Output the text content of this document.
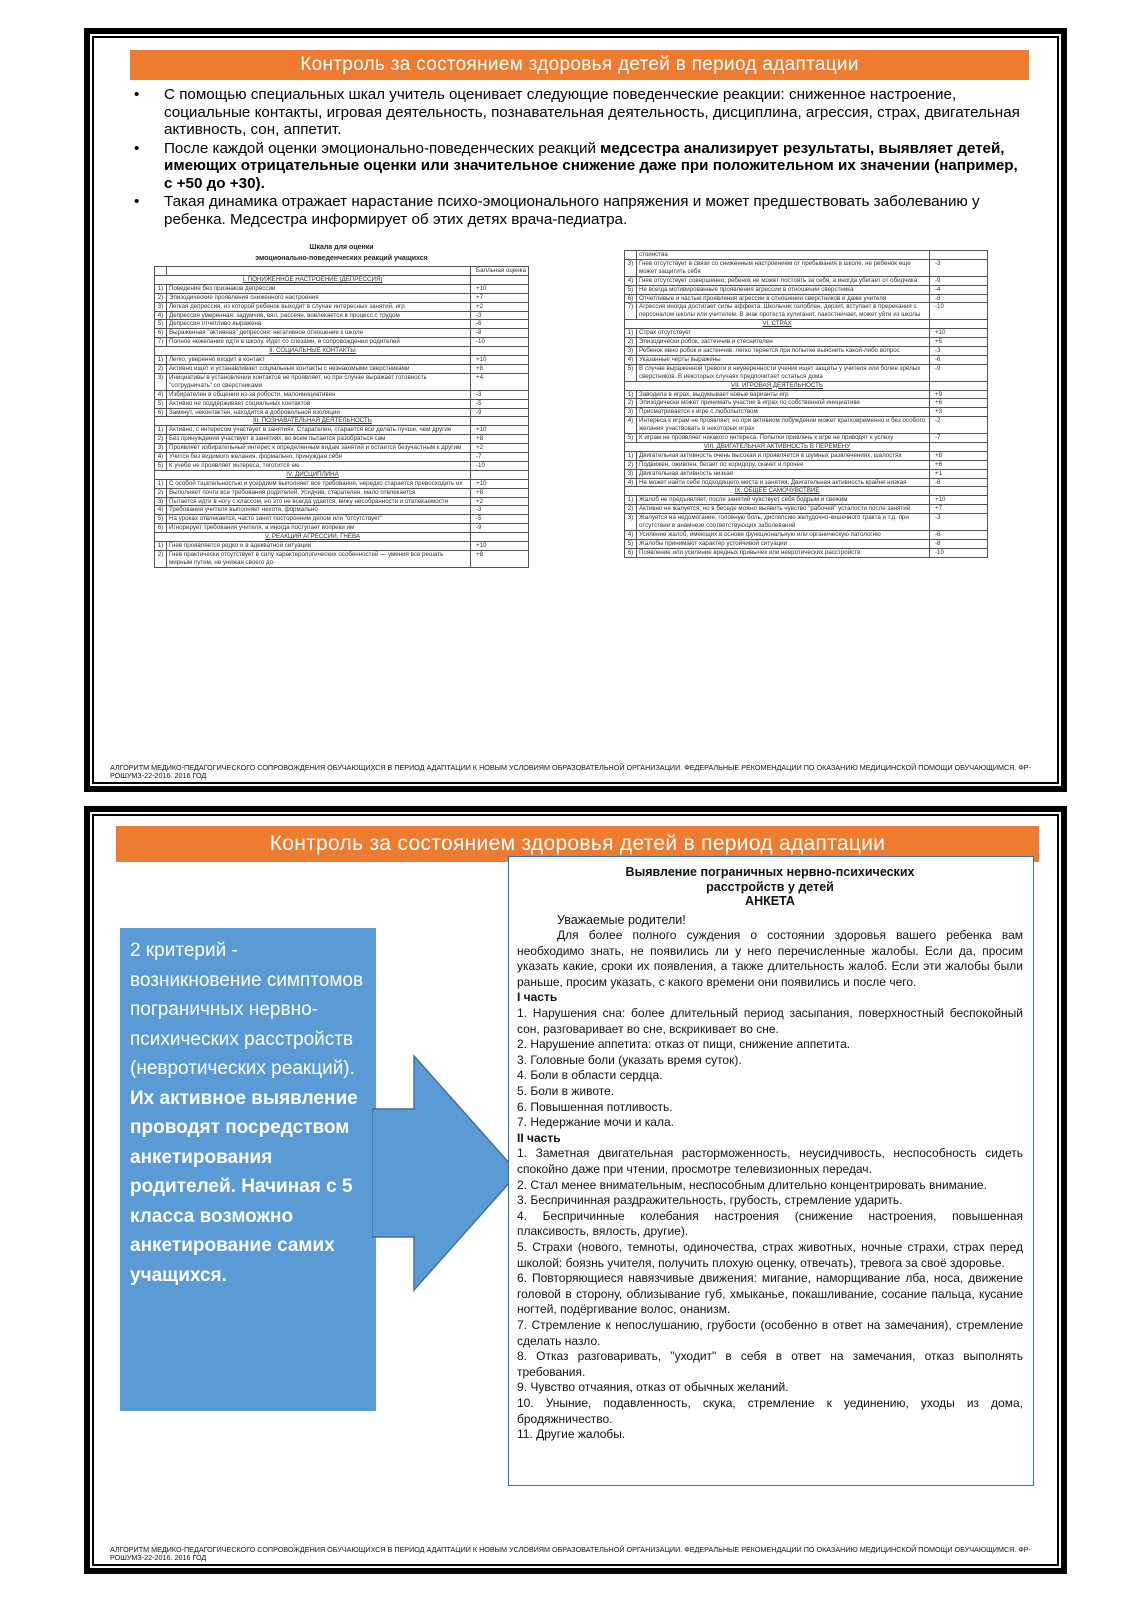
Контроль за состоянием здоровья детей в период адаптации
• С помощью специальных шкал учитель оценивает следующие поведенческие реакции: сниженное настроение, социальные контакты, игровая деятельность, познавательная деятельность, дисциплина, агрессия, страх, двигательная активность, сон, аппетит.
• После каждой оценки эмоционально-поведенческих реакций медсестра анализирует результаты, выявляет детей, имеющих отрицательные оценки или значительное снижение даже при положительном их значении (например, с +50 до +30).
• Такая динамика отражает нарастание психо-эмоционального напряжения и может предшествовать заболеванию у ребенка. Медсестра информирует об этих детях врача-педиатра.
Шкала для оценки
эмоционально-поведенческих реакций учащихся
		Балльная оценка
I. ПОНИЖЕННОЕ НАСТРОЕНИЕ (ДЕПРЕССИЯ)		
1)	Поведение без признаков депрессии	+10
2)	Эпизодические проявления сниженного настроения	+7
3)	Легкая депрессия, из которой ребенок выходит в случае интересных занятий, игр	+2
4)	Депрессия умеренная: задумчив, вял, рассеян, вовлекается в процесс с трудом	-3
5)	Депрессия отчетливо выражена	-6
6)	Выраженная "активная" депрессия: негативное отношение к школе	-8
7)	Полное нежелание идти в школу. Идет со слезами, в сопровождении родителей	-10
II. СОЦИАЛЬНЫЕ КОНТАКТЫ		
1)	Легко, уверенно входит в контакт	+10
2)	Активно ищет и устанавливает социальные контакты с незнакомыми сверстниками	+8
3)	Инициативы в установлении контактов не проявляет, но при случае выражает готовность "сотрудничать" со сверстниками	+4
4)	Избирателен в общении из-за робости, малоинициативен	-3
5)	Активно не поддерживает социальных контактов	-5
6)	Замкнут, неконтактен, находится в добровольной изоляции	-9
III. ПОЗНАВАТЕЛЬНАЯ ДЕЯТЕЛЬНОСТЬ		
1)	Активно, с интересом участвует в занятиях. Старателен, старается все делать лучше, чем другие	+10
2)	Без принуждения участвует в занятиях, во всем пытается разобраться сам	+8
3)	Проявляет избирательный интерес к определенным видам занятий и остается безучастным к другим	+2
4)	Учится без видимого желания, формально, принуждая себя	-7
5)	К учебе не проявляет интереса, тяготится ею	-10
IV. ДИСЦИПЛИНА		
1)	С особой тщательностью и усердием выполняет все требования, нередко старается превосходить их	+10
2)	Выполняет почти все требования родителей. Усидчив, старателен, мало отвлекается	+8
3)	Пытается идти в ногу с классом, но это не всегда удается, вижу несобранности и отвлекаемости	+2
4)	Требования учителя выполняет нехотя, формально	-3
5)	На уроках отвлекается, часто занят посторонним делом или "отсутствует"	-5
6)	Игнорирует требования учителя, а иногда поступает вопреки им	-9
V. РЕАКЦИЯ АГРЕССИИ, ГНЕВА		
1)	Гнев проявляется редко и в адекватной ситуации	+10
2)	Гнев практически отсутствует в силу характерологических особенностей — умения все решать мирным путем, не унижая своего до-	+8
	стоинства	
3)	Гнев отсутствует в связи со сниженным настроением от пребывания в школе, не ребенок еще может защитить себя	-3
4)	Гнев отсутствует совершенно, ребенок не может постоять за себя, а иногда убегает от обидчика	-9
5)	Не всегда мотивированные проявления агрессии в отношении сверстника	-4
6)	Отчетливые и частые проявления агрессии в отношении сверстников и даже учителя	-8
7)	Агрессия иногда достигает силы аффекта. Школьник озлоблен, дерзит, вступает в пререкания с персоналом школы или учителем. В знак протеста хулиганит, пакостничает, может уйти из школы	-10
VI. СТРАХ		
1)	Страх отсутствует	+10
2)	Эпизодически робок, застенчив и стеснителен	+5
3)	Ребенок явно робок и застенчив, легко теряется при попытке выяснить какой-либо вопрос	-3
4)	Указанные черты выражены	-6
5)	В случае выраженной тревоги и неуверенности ученик ищет защиты у учителя или более зрелых сверстников. В некоторых случаях предпочитает остаться дома	-9
VII. ИГРОВАЯ ДЕЯТЕЛЬНОСТЬ		
1)	Заводила в играх, выдумывает новые варианты игр	+9
2)	Эпизодически может принимать участие в играх по собственной инициативе	+6
3)	Присматривается к игре с любопытством	+3
4)	Интереса к играм не проявляет, но при активном побуждении может кратковременно и без особого желания участвовать в некоторых играх	-2
5)	К играм не проявляет никакого интереса. Попытки привлечь к игре не приводят к успеху	-7
VIII. ДВИГАТЕЛЬНАЯ АКТИВНОСТЬ В ПЕРЕМЕНУ		
1)	Двигательная активность очень высокая и проявляется в шумных развлечениях, шалостях	+8
2)	Подвижен, оживлен, бегает по коридору, скачет и прочее	+6
3)	Двигательная активность низкая	+1
4)	Не может найти себе подходящего места и занятия. Двигательная активность крайне низкая	-8
IX. ОБЩЕЕ САМОЧУВСТВИЕ		
1)	Жалоб не предъявляет, после занятий чувствует себя бодрым и свежим	+10
2)	Активно не жалуется, но в беседе можно выявить чувство "рабочей" усталости после занятий	+7
3)	Жалуется на недомогание, головную боль, диспепсию желудочно-кишечного тракта и т.д. при отсутствии в анамнезе соответствующих заболеваний	-3
4)	Усиление жалоб, имеющих в основе функциональную или органическую патологию	-6
5)	Жалобы принимают характер устойчивой ситуации	-8
6)	Появление или усиление вредных привычек или невротических расстройств	-10
АЛГОРИТМ МЕДИКО-ПЕДАГОГИЧЕСКОГО СОПРОВОЖДЕНИЯ ОБУЧАЮЩИХСЯ В ПЕРИОД АДАПТАЦИИ К НОВЫМ УСЛОВИЯМ ОБРАЗОВАТЕЛЬНОЙ ОРГАНИЗАЦИИ. ФЕДЕРАЛЬНЫЕ РЕКОМЕНДАЦИИ ПО ОКАЗАНИЮ МЕДИЦИНСКОЙ ПОМОЩИ ОБУЧАЮЩИМСЯ. ФР-РОШУМЗ-22-2016. 2016 ГОД
Контроль за состоянием здоровья детей в период адаптации
2 критерий - возникновение симптомов пограничных нервно-психических расстройств (невротических реакций).
Их активное выявление проводят посредством анкетирования родителей. Начиная с 5 класса возможно анкетирование самих учащихся.
Выявление пограничных нервно-психических
расстройств у детей
АНКЕТА
Уважаемые родители!

Для более полного суждения о состоянии здоровья вашего ребенка вам необходимо знать, не появились ли у него перечисленные жалобы. Если да, просим указать какие, сроки их появления, а также длительность жалоб. Если эти жалобы были раньше, просим указать, с какого времени они появились и после чего.

I часть

1. Нарушения сна: более длительный период засыпания, поверхностный беспокойный сон, разговаривает во сне, вскрикивает во сне.

2. Нарушение аппетита: отказ от пищи, снижение аппетита.

3. Головные боли (указать время суток).

4. Боли в области сердца.

5. Боли в животе.

6. Повышенная потливость.

7. Недержание мочи и кала.

II часть

1. Заметная двигательная расторможенность, неусидчивость, неспособность сидеть спокойно даже при чтении, просмотре телевизионных передач.

2. Стал менее внимательным, неспособным длительно концентрировать внимание.

3. Беспричинная раздражительность, грубость, стремление ударить.

4. Беспричинные колебания настроения (снижение настроения, повышенная плаксивость, вялость, другие).

5. Страхи (нового, темноты, одиночества, страх животных, ночные страхи, страх перед школой: боязнь учителя, получить плохую оценку, отвечать), тревога за своё здоровье.

6. Повторяющиеся навязчивые движения: мигание, наморщивание лба, носа, движение головой в сторону, облизывание губ, хмыканье, покашливание, сосание пальца, кусание ногтей, подёргивание волос, онанизм.

7. Стремление к непослушанию, грубости (особенно в ответ на замечания), стремление сделать назло.

8. Отказ разговаривать, "уходит" в себя в ответ на замечания, отказ выполнять требования.

9. Чувство отчаяния, отказ от обычных желаний.

10. Уныние, подавленность, скука, стремление к уединению, уходы из дома, бродяжничество.

11. Другие жалобы.

АЛГОРИТМ МЕДИКО-ПЕДАГОГИЧЕСКОГО СОПРОВОЖДЕНИЯ ОБУЧАЮЩИХСЯ В ПЕРИОД АДАПТАЦИИ К НОВЫМ УСЛОВИЯМ ОБРАЗОВАТЕЛЬНОЙ ОРГАНИЗАЦИИ. ФЕДЕРАЛЬНЫЕ РЕКОМЕНДАЦИИ ПО ОКАЗАНИЮ МЕДИЦИНСКОЙ ПОМОЩИ ОБУЧАЮЩИМСЯ. ФР-РОШУМЗ-22-2016. 2016 ГОД
